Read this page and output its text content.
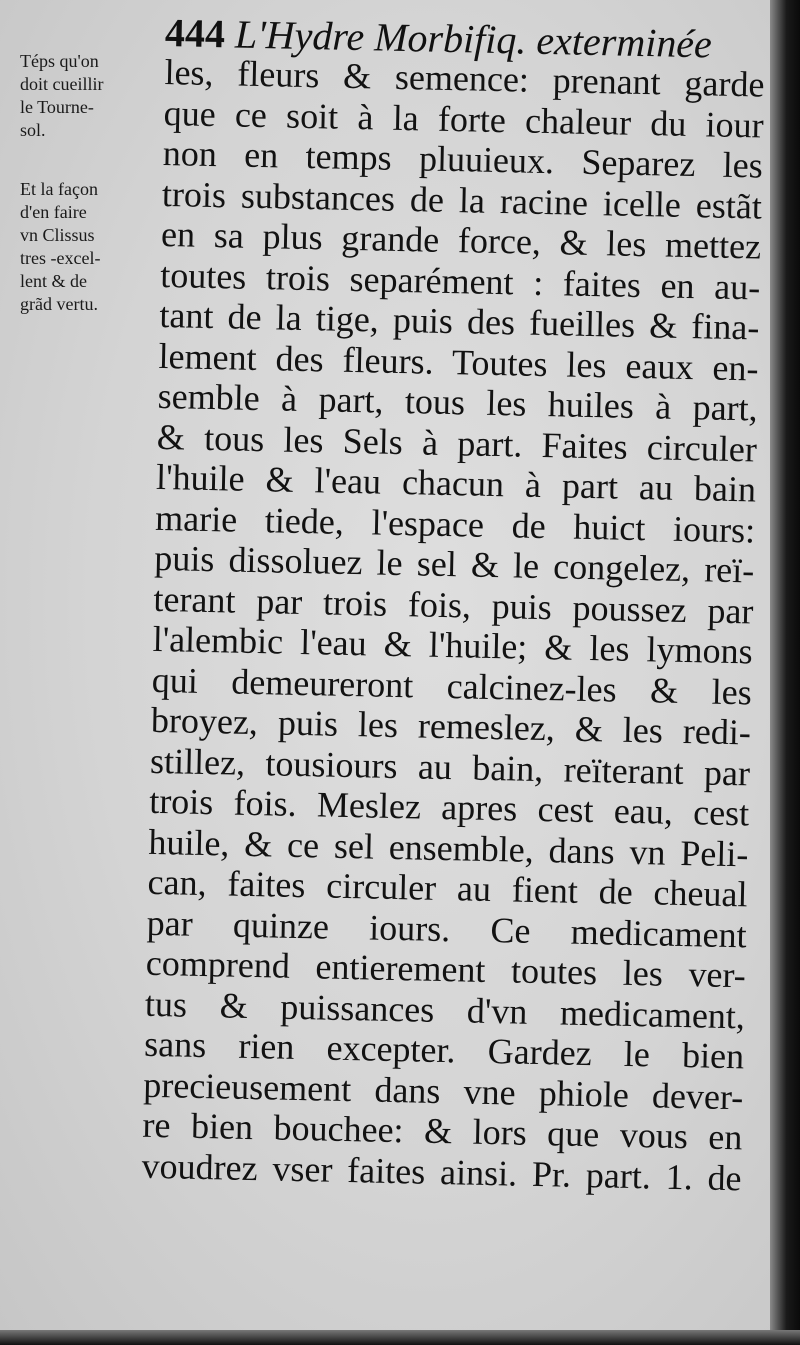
444 L'Hydre Morbifiq. exterminée
Téps qu'on
doit cueillir
le Tourne-
sol.
Et la façon
d'en faire
vn Clissus
tres -excel-
lent & de
grãd vertu.
les, fleurs & semence: prenant garde
que ce soit à la forte chaleur du iour
non en temps pluuieux. Separez les
trois substances de la racine icelle estãt
en sa plus grande force, & les mettez
toutes trois separément : faites en au-
tant de la tige, puis des fueilles & fina-
lement des fleurs. Toutes les eaux en-
semble à part, tous les huiles à part,
& tous les Sels à part. Faites circuler
l'huile & l'eau chacun à part au bain
marie tiede, l'espace de huict iours:
puis dissoluez le sel & le congelez, reï-
terant par trois fois, puis poussez par
l'alembic l'eau & l'huile; & les lymons
qui demeureront calcinez-les & les
broyez, puis les remeslez, & les redi-
stillez, tousiours au bain, reïterant par
trois fois. Meslez apres cest eau, cest
huile, & ce sel ensemble, dans vn Peli-
can, faites circuler au fient de cheual
par quinze iours. Ce medicament
comprend entierement toutes les ver-
tus & puissances d'vn medicament,
sans rien excepter. Gardez le bien
precieusement dans vne phiole dever-
re bien bouchee: & lors que vous en
voudrez vser faites ainsi. Pr. part. 1. de
